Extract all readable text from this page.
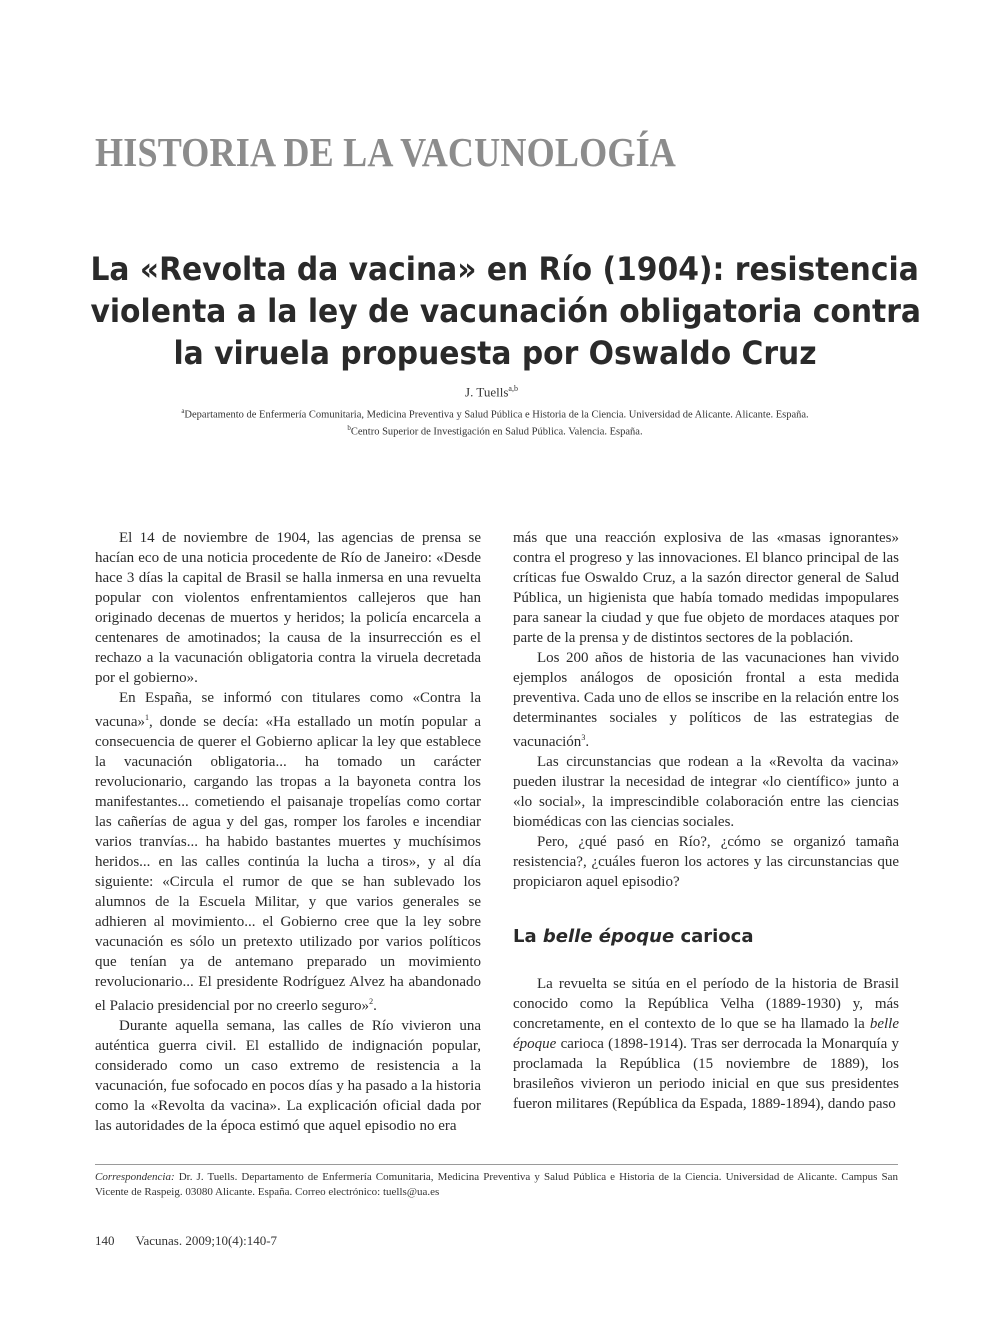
HISTORIA DE LA VACUNOLOGÍA
La «Revolta da vacina» en Río (1904): resistencia
violenta a la ley de vacunación obligatoria contra
la viruela propuesta por Oswaldo Cruz
J. Tuells$^{a,b}$
$^a$Departamento de Enfermería Comunitaria, Medicina Preventiva y Salud Pública e Historia de la Ciencia. Universidad de Alicante. Alicante. España.
$^b$Centro Superior de Investigación en Salud Pública. Valencia. España.

El 14 de noviembre de 1904, las agencias de prensa se hacían eco de una noticia procedente de Río de Janeiro: «Desde hace 3 días la capital de Brasil se halla inmersa en una revuelta popular con violentos enfrentamientos callejeros que han originado decenas de muertos y heridos; la policía encarcela a centenares de amotinados; la causa de la insurrección es el rechazo a la vacunación obligatoria contra la viruela decretada por el gobierno».

En España, se informó con titulares como «Contra la vacuna»$^1$, donde se decía: «Ha estallado un motín popular a consecuencia de querer el Gobierno aplicar la ley que establece la vacunación obligatoria... ha tomado un carácter revolucionario, cargando las tropas a la bayoneta contra los manifestantes... cometiendo el paisanaje tropelías como cortar las cañerías de agua y del gas, romper los faroles e incendiar varios tranvías... ha habido bastantes muertes y muchísimos heridos... en las calles continúa la lucha a tiros», y al día siguiente: «Circula el rumor de que se han sublevado los alumnos de la Escuela Militar, y que varios generales se adhieren al movimiento... el Gobierno cree que la ley sobre vacunación es sólo un pretexto utilizado por varios políticos que tenían ya de antemano preparado un movimiento revolucionario... El presidente Rodríguez Alvez ha abandonado el Palacio presidencial por no creerlo seguro»$^2$.

Durante aquella semana, las calles de Río vivieron una auténtica guerra civil. El estallido de indignación popular, considerado como un caso extremo de resistencia a la vacunación, fue sofocado en pocos días y ha pasado a la historia como la «Revolta da vacina». La explicación oficial dada por las autoridades de la época estimó que aquel episodio no era

más que una reacción explosiva de las «masas ignorantes» contra el progreso y las innovaciones. El blanco principal de las críticas fue Oswaldo Cruz, a la sazón director general de Salud Pública, un higienista que había tomado medidas impopulares para sanear la ciudad y que fue objeto de mordaces ataques por parte de la prensa y de distintos sectores de la población.

Los 200 años de historia de las vacunaciones han vivido ejemplos análogos de oposición frontal a esta medida preventiva. Cada uno de ellos se inscribe en la relación entre los determinantes sociales y políticos de las estrategias de vacunación$^3$.

Las circunstancias que rodean a la «Revolta da vacina» pueden ilustrar la necesidad de integrar «lo científico» junto a «lo social», la imprescindible colaboración entre las ciencias biomédicas con las ciencias sociales.

Pero, ¿qué pasó en Río?, ¿cómo se organizó tamaña resistencia?, ¿cuáles fueron los actores y las circunstancias que propiciaron aquel episodio?

La belle époque carioca

La revuelta se sitúa en el período de la historia de Brasil conocido como la República Velha (1889-1930) y, más concretamente, en el contexto de lo que se ha llamado la belle époque carioca (1898-1914). Tras ser derrocada la Monarquía y proclamada la República (15 noviembre de 1889), los brasileños vivieron un periodo inicial en que sus presidentes fueron militares (República da Espada, 1889-1894), dando paso

Correspondencia: Dr. J. Tuells. Departamento de Enfermería Comunitaria, Medicina Preventiva y Salud Pública e Historia de la Ciencia. Universidad de Alicante. Campus San Vicente de Raspeig. 03080 Alicante. España. Correo electrónico: tuells@ua.es
140 Vacunas. 2009;10(4):140-7
